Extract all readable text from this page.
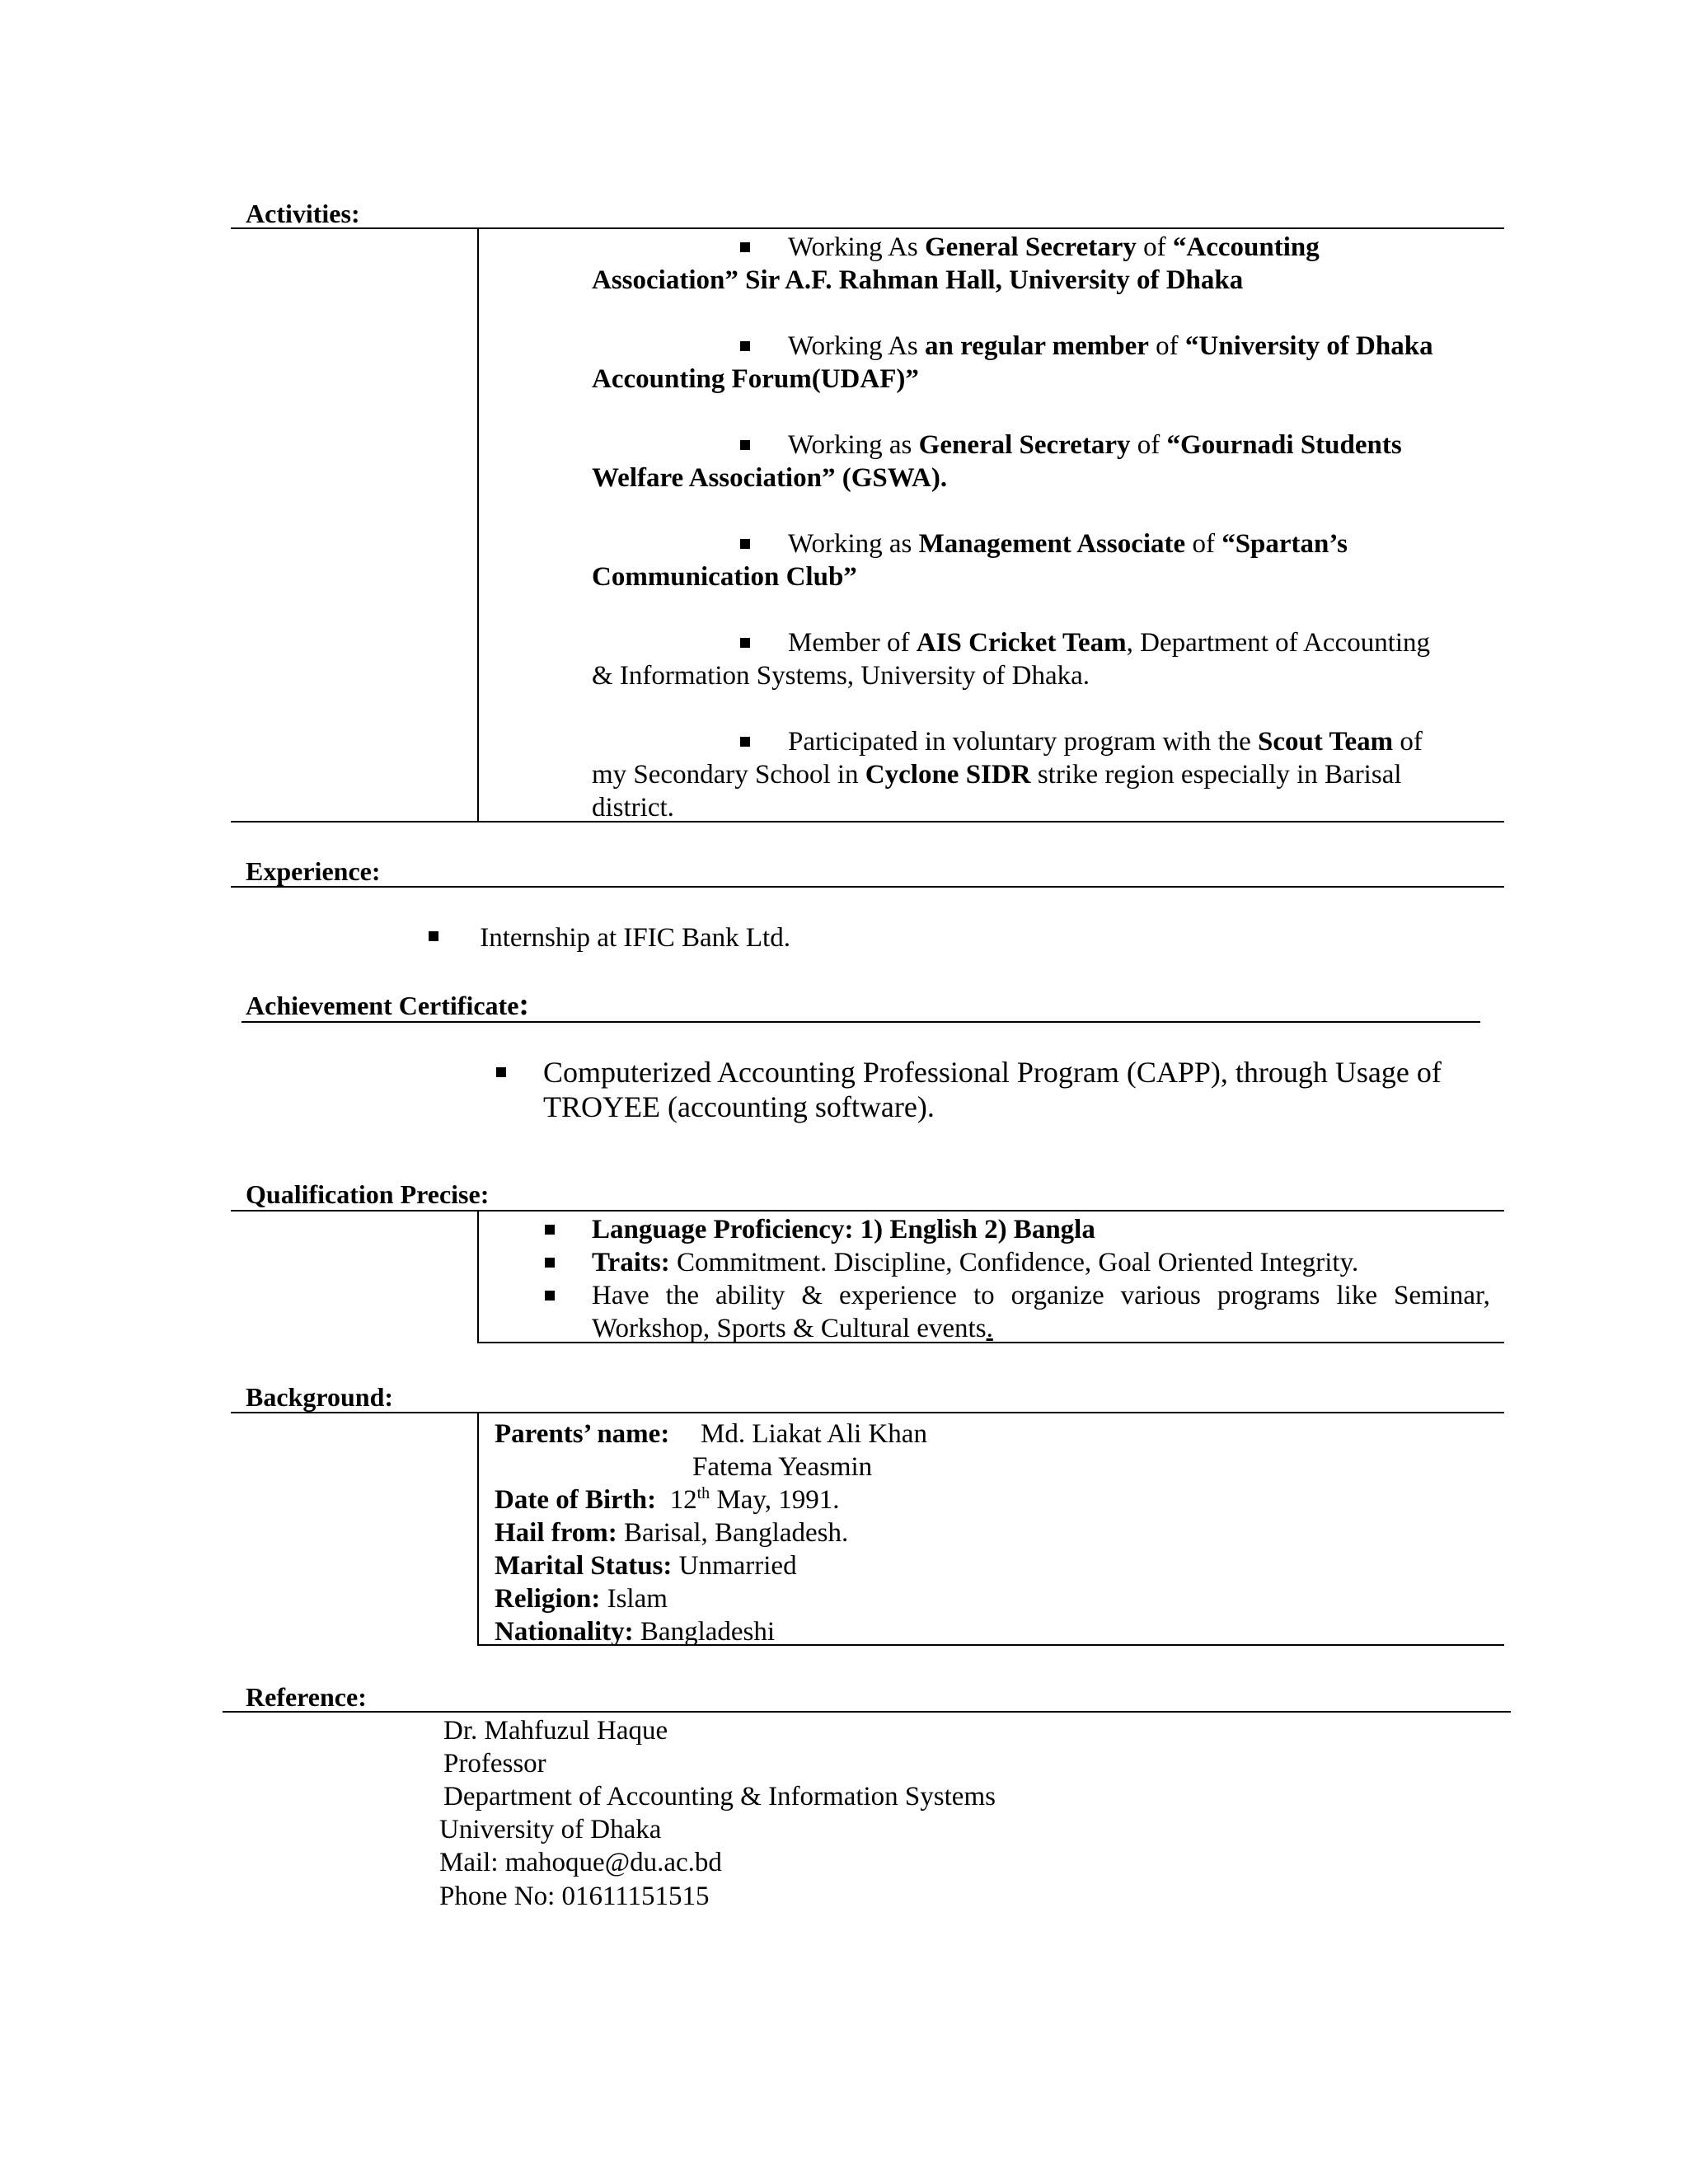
Activities:
Working As General Secretary of “Accounting
Association” Sir A.F. Rahman Hall, University of Dhaka
Working As an regular member of “University of Dhaka
Accounting Forum(UDAF)”
Working as General Secretary of “Gournadi Students
Welfare Association” (GSWA).
Working as Management Associate of “Spartan’s
Communication Club”
Member of AIS Cricket Team, Department of Accounting
& Information Systems, University of Dhaka.
Participated in voluntary program with the Scout Team of
my Secondary School in Cyclone SIDR strike region especially in Barisal
district.
Experience:
Internship at IFIC Bank Ltd.
Achievement Certificate:
Computerized Accounting Professional Program (CAPP), through Usage of
TROYEE (accounting software).
Qualification Precise:
Language Proficiency: 1) English 2) Bangla
Traits: Commitment. Discipline, Confidence, Goal Oriented Integrity.
Have the ability & experience to organize various programs like Seminar,
Workshop, Sports & Cultural events.
Background:
Parents’ name: Md. Liakat Ali Khan
Fatema Yeasmin
Date of Birth: 12th May, 1991.
Hail from: Barisal, Bangladesh.
Marital Status: Unmarried
Religion: Islam
Nationality: Bangladeshi
Reference:
Dr. Mahfuzul Haque
Professor
Department of Accounting & Information Systems
University of Dhaka
Mail: mahoque@du.ac.bd
Phone No: 01611151515
